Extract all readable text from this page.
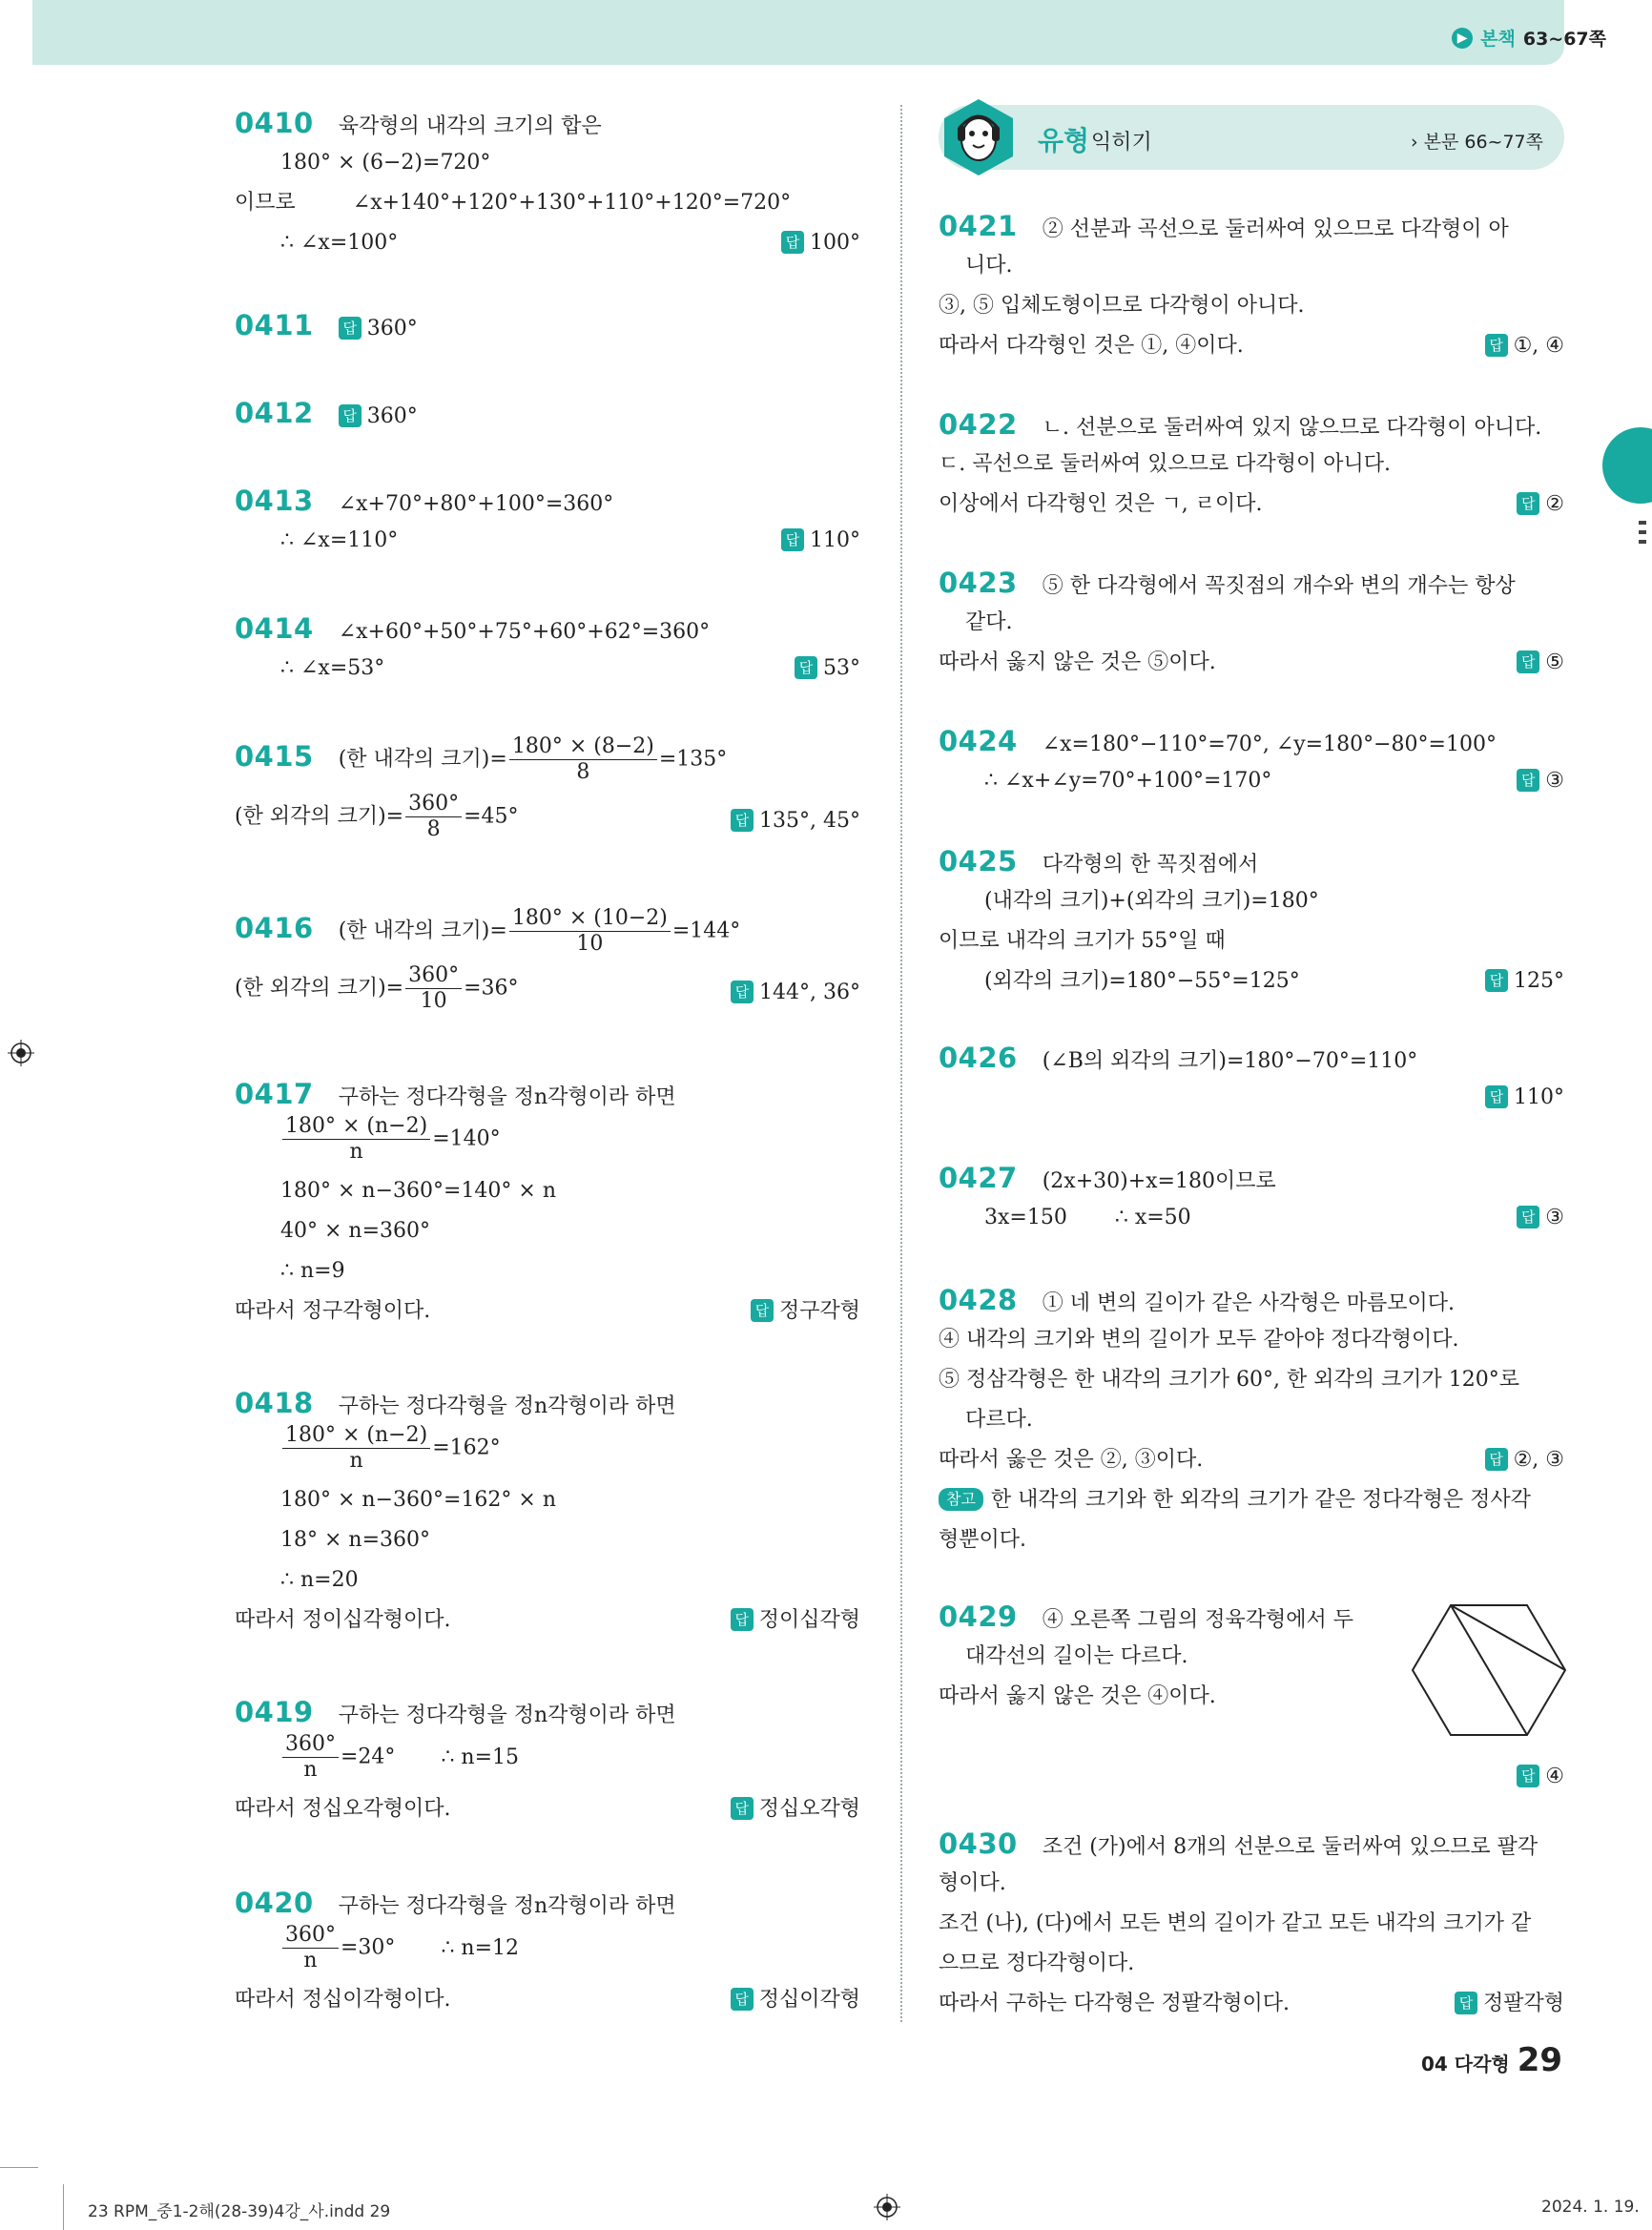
▶ 본책 63~67쪽
0410 육각형의 내각의 크기의 합은
180° × (6−2)=720°
이므로	∠x+140°+120°+130°+110°+120°=720°
∴ ∠x=100°	답 100°
0411 답 360°
0412 답 360°
0413 ∠x+70°+80°+100°=360°
∴ ∠x=110°	답 110°
0414 ∠x+60°+50°+75°+60°+62°=360°
∴ ∠x=53°	답 53°
0415 (한 내각의 크기)= $\frac{180^\circ \times (8-2)}{8} =135^\circ$
(한 외각의 크기)= $\frac{360^\circ}{8} =45^\circ$	답 135°, 45°
0416 (한 내각의 크기)= $\frac{180^\circ \times (10-2)}{10} =144^\circ$
(한 외각의 크기)= $\frac{360^\circ}{10} =36^\circ$	답 144°, 36°
0417 구하는 정다각형을 정n각형이라 하면
$\frac{180^\circ \times (n-2)}{n} =140^\circ$
180° × n−360°=140° × n
40° × n=360°
∴ n=9
따라서 정구각형이다.	답 정구각형
0418 구하는 정다각형을 정n각형이라 하면
$\frac{180^\circ \times (n-2)}{n} =162^\circ$
180° × n−360°=162° × n
18° × n=360°
∴ n=20
따라서 정이십각형이다.	답 정이십각형
0419 구하는 정다각형을 정n각형이라 하면
$\frac{360^\circ}{n} =24^\circ$ ∴ n=15
따라서 정십오각형이다.	답 정십오각형
0420 구하는 정다각형을 정n각형이라 하면
$\frac{360^\circ}{n} =30^\circ$ ∴ n=12
따라서 정십이각형이다.	답 정십이각형
유형 익히기	› 본문 66~77쪽
0421 ② 선분과 곡선으로 둘러싸여 있으므로 다각형이 아
니다.
③, ⑤ 입체도형이므로 다각형이 아니다.
따라서 다각형인 것은 ①, ④이다.	답 ①, ④
0422 ㄴ. 선분으로 둘러싸여 있지 않으므로 다각형이 아니다.
ㄷ. 곡선으로 둘러싸여 있으므로 다각형이 아니다.
이상에서 다각형인 것은 ㄱ, ㄹ이다.	답 ②
0423 ⑤ 한 다각형에서 꼭짓점의 개수와 변의 개수는 항상
같다.
따라서 옳지 않은 것은 ⑤이다.	답 ⑤
0424 ∠x=180°−110°=70°, ∠y=180°−80°=100°
∴ ∠x+∠y=70°+100°=170°	답 ③
0425 다각형의 한 꼭짓점에서
(내각의 크기)+(외각의 크기)=180°
이므로 내각의 크기가 55°일 때
(외각의 크기)=180°−55°=125°	답 125°
0426 (∠B의 외각의 크기)=180°−70°=110°
답 110°
0427 (2x+30)+x=180이므로
3x=150 ∴ x=50	답 ③
0428 ① 네 변의 길이가 같은 사각형은 마름모이다.
④ 내각의 크기와 변의 길이가 모두 같아야 정다각형이다.
⑤ 정삼각형은 한 내각의 크기가 60°, 한 외각의 크기가 120°로
다르다.
따라서 옳은 것은 ②, ③이다.	답 ②, ③
참고 한 내각의 크기와 한 외각의 크기가 같은 정다각형은 정사각
형뿐이다.
0429 ④ 오른쪽 그림의 정육각형에서 두
대각선의 길이는 다르다.
따라서 옳지 않은 것은 ④이다.
답 ④
0430 조건 (가)에서 8개의 선분으로 둘러싸여 있으므로 팔각
형이다.
조건 (나), (다)에서 모든 변의 길이가 같고 모든 내각의 크기가 같
으므로 정다각형이다.
따라서 구하는 다각형은 정팔각형이다.	답 정팔각형
04 다각형 29
23 RPM_중1-2해(28-39)4강_사.indd 29	2024. 1. 19.
